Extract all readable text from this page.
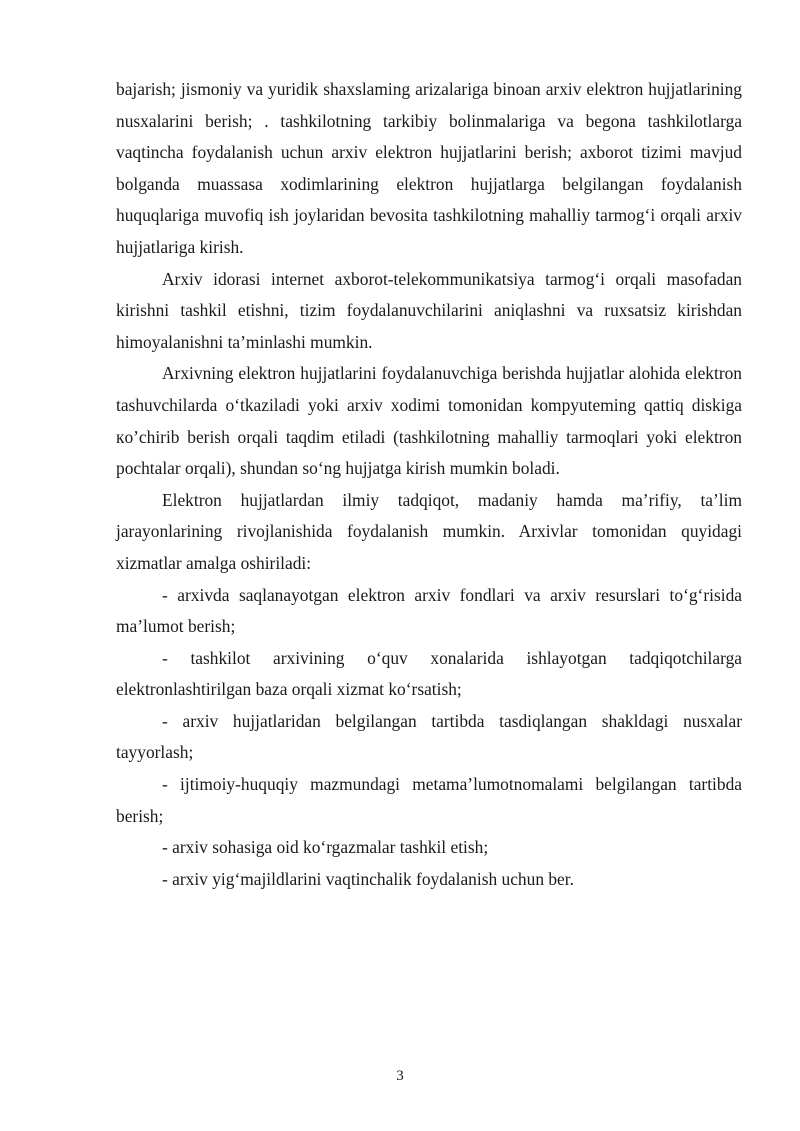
bajarish; jismoniy va yuridik shaxslaming arizalariga binoan arxiv elektron hujjatlarining nusxalarini berish; . tashkilotning tarkibiy bolinmalariga va begona tashkilotlarga vaqtincha foydalanish uchun arxiv elektron hujjatlarini berish; axborot tizimi mavjud bolganda muassasa xodimlarining elektron hujjatlarga belgilangan foydalanish huquqlariga muvofiq ish joylaridan bevosita tashkilotning mahalliy tarmog‘i orqali arxiv hujjatlariga kirish.

Arxiv idorasi internet axborot-telekommunikatsiya tarmog‘i orqali masofadan kirishni tashkil etishni, tizim foydalanuvchilarini aniqlashni va ruxsatsiz kirishdan himoyalanishni ta’minlashi mumkin.

Arxivning elektron hujjatlarini foydalanuvchiga berishda hujjatlar alohida elektron tashuvchilarda o‘tkaziladi yoki arxiv xodimi tomonidan kompyuteming qattiq diskiga кo’chirib berish orqali taqdim etiladi (tashkilotning mahalliy tarmoqlari yoki elektron pochtalar orqali), shundan so‘ng hujjatga kirish mumkin boladi.

Elektron hujjatlardan ilmiy tadqiqot, madaniy hamda ma’rifiy, ta’lim jarayonlarining rivojlanishida foydalanish mumkin. Arxivlar tomonidan quyidagi xizmatlar amalga oshiriladi:

- arxivda saqlanayotgan elektron arxiv fondlari va arxiv resurslari to‘g‘risida ma’lumot berish;

- tashkilot arxivining o‘quv xonalarida ishlayotgan tadqiqotchilarga elektronlashtirilgan baza orqali xizmat ko‘rsatish;

- arxiv hujjatlaridan belgilangan tartibda tasdiqlangan shakldagi nusxalar tayyorlash;

- ijtimoiy-huquqiy mazmundagi metama’lumotnomalami belgilangan tartibda berish;

- arxiv sohasiga oid ko‘rgazmalar tashkil etish;

- arxiv yig‘majildlarini vaqtinchalik foydalanish uchun ber.

3
